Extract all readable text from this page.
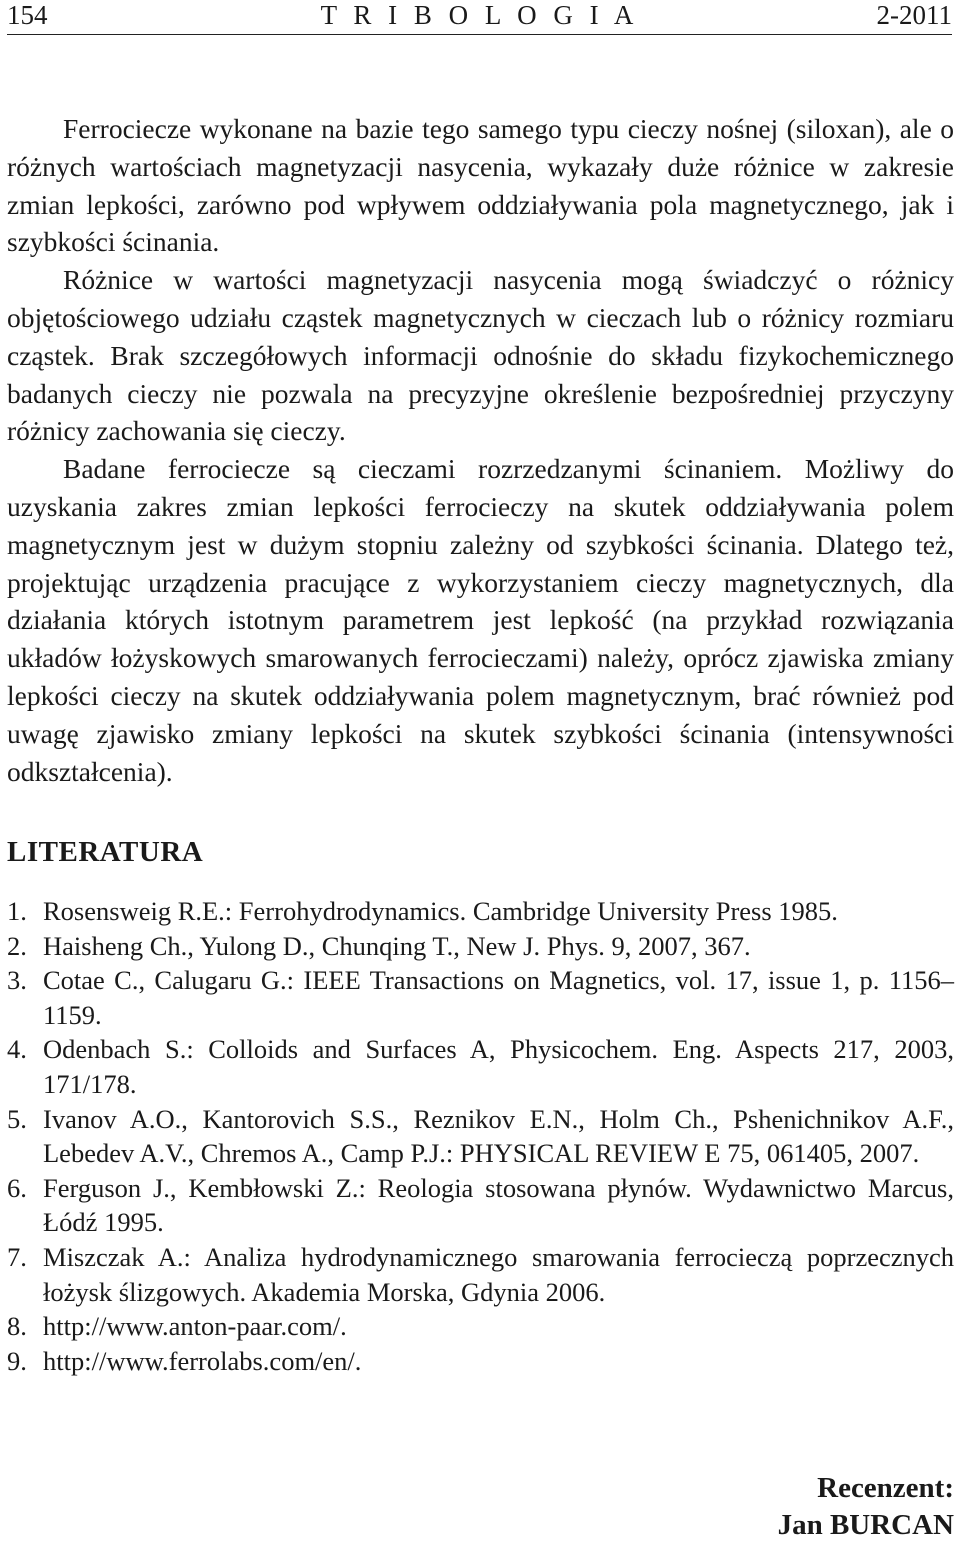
154	T R I B O L O G I A	2-2011

Ferrociecze wykonane na bazie tego samego typu cieczy nośnej (siloxan), ale o różnych wartościach magnetyzacji nasycenia, wykazały duże różnice w zakresie zmian lepkości, zarówno pod wpływem oddziaływania pola magnetycznego, jak i szybkości ścinania.

Różnice w wartości magnetyzacji nasycenia mogą świadczyć o różnicy objętościowego udziału cząstek magnetycznych w cieczach lub o różnicy rozmiaru cząstek. Brak szczegółowych informacji odnośnie do składu fizykochemicznego badanych cieczy nie pozwala na precyzyjne określenie bezpośredniej przyczyny różnicy zachowania się cieczy.

Badane ferrociecze są cieczami rozrzedzanymi ścinaniem. Możliwy do uzyskania zakres zmian lepkości ferrocieczy na skutek oddziaływania polem magnetycznym jest w dużym stopniu zależny od szybkości ścinania. Dlatego też, projektując urządzenia pracujące z wykorzystaniem cieczy magnetycznych, dla działania których istotnym parametrem jest lepkość (na przykład rozwiązania układów łożyskowych smarowanych ferrocieczami) należy, oprócz zjawiska zmiany lepkości cieczy na skutek oddziaływania polem magnetycznym, brać również pod uwagę zjawisko zmiany lepkości na skutek szybkości ścinania (intensywności odkształcenia).

LITERATURA
1. Rosensweig R.E.: Ferrohydrodynamics. Cambridge University Press 1985.
2. Haisheng Ch., Yulong D., Chunqing T., New J. Phys. 9, 2007, 367.
3. Cotae C., Calugaru G.: IEEE Transactions on Magnetics, vol. 17, issue 1, p. 1156–1159.
4. Odenbach S.: Colloids and Surfaces A, Physicochem. Eng. Aspects 217, 2003, 171/178.
5. Ivanov A.O., Kantorovich S.S., Reznikov E.N., Holm Ch., Pshenichnikov A.F., Lebedev A.V., Chremos A., Camp P.J.: PHYSICAL REVIEW E 75, 061405, 2007.
6. Ferguson J., Kembłowski Z.: Reologia stosowana płynów. Wydawnictwo Marcus, Łódź 1995.
7. Miszczak A.: Analiza hydrodynamicznego smarowania ferrocieczą poprzecznych łożysk ślizgowych. Akademia Morska, Gdynia 2006.
8. http://www.anton-paar.com/.
9. http://www.ferrolabs.com/en/.
Recenzent:
Jan BURCAN
